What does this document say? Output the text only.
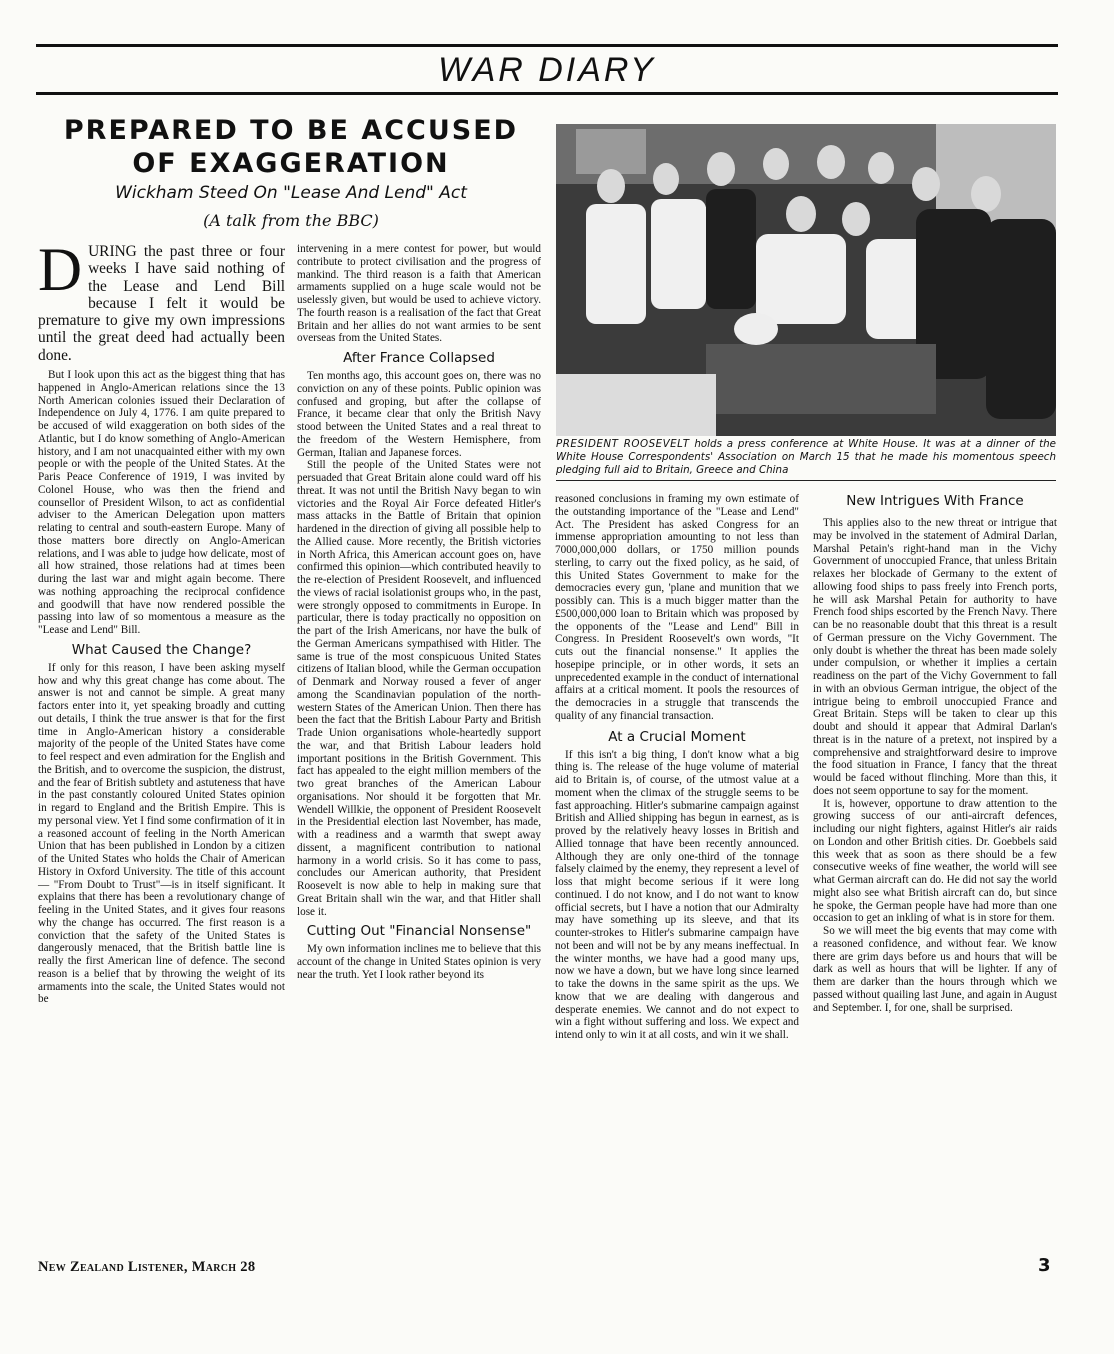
WAR DIARY
PREPARED TO BE ACCUSED
OF EXAGGERATION
Wickham Steed On "Lease And Lend" Act
(A talk from the BBC)

DURING the past three or four weeks I have said nothing of the Lease and Lend Bill because I felt it would be premature to give my own impressions until the great deed had actually been done.

But I look upon this act as the biggest thing that has happened in Anglo-American relations since the 13 North American colonies issued their Declaration of Independence on July 4, 1776. I am quite prepared to be accused of wild exaggeration on both sides of the Atlantic, but I do know something of Anglo-American history, and I am not unacquainted either with my own people or with the people of the United States. At the Paris Peace Conference of 1919, I was invited by Colonel House, who was then the friend and counsellor of President Wilson, to act as confidential adviser to the American Delegation upon matters relating to central and south-eastern Europe. Many of those matters bore directly on Anglo-American relations, and I was able to judge how delicate, most of all how strained, those relations had at times been during the last war and might again become. There was nothing approaching the reciprocal confidence and goodwill that have now rendered possible the passing into law of so momentous a measure as the "Lease and Lend" Bill.

What Caused the Change?

If only for this reason, I have been asking myself how and why this great change has come about. The answer is not and cannot be simple. A great many factors enter into it, yet speaking broadly and cutting out details, I think the true answer is that for the first time in Anglo-American history a considerable majority of the people of the United States have come to feel respect and even admiration for the English and the British, and to overcome the suspicion, the distrust, and the fear of British subtlety and astuteness that have in the past constantly coloured United States opinion in regard to England and the British Empire. This is my personal view. Yet I find some confirmation of it in a reasoned account of feeling in the North American Union that has been published in London by a citizen of the United States who holds the Chair of American History in Oxford University. The title of this account— "From Doubt to Trust"—is in itself significant. It explains that there has been a revolutionary change of feeling in the United States, and it gives four reasons why the change has occurred. The first reason is a conviction that the safety of the United States is dangerously menaced, that the British battle line is really the first American line of defence. The second reason is a belief that by throwing the weight of its armaments into the scale, the United States would not be

intervening in a mere contest for power, but would contribute to protect civilisation and the progress of mankind. The third reason is a faith that American armaments supplied on a huge scale would not be uselessly given, but would be used to achieve victory. The fourth reason is a realisation of the fact that Great Britain and her allies do not want armies to be sent overseas from the United States.

After France Collapsed

Ten months ago, this account goes on, there was no conviction on any of these points. Public opinion was confused and groping, but after the collapse of France, it became clear that only the British Navy stood between the United States and a real threat to the freedom of the Western Hemisphere, from German, Italian and Japanese forces.

Still the people of the United States were not persuaded that Great Britain alone could ward off his threat. It was not until the British Navy began to win victories and the Royal Air Force defeated Hitler's mass attacks in the Battle of Britain that opinion hardened in the direction of giving all possible help to the Allied cause. More recently, the British victories in North Africa, this American account goes on, have confirmed this opinion—which contributed heavily to the re-election of President Roosevelt, and influenced the views of racial isolationist groups who, in the past, were strongly opposed to commitments in Europe. In particular, there is today practically no opposition on the part of the Irish Americans, nor have the bulk of the German Americans sympathised with Hitler. The same is true of the most conspicuous United States citizens of Italian blood, while the German occupation of Denmark and Norway roused a fever of anger among the Scandinavian population of the north-western States of the American Union. Then there has been the fact that the British Labour Party and British Trade Union organisations whole-heartedly support the war, and that British Labour leaders hold important positions in the British Government. This fact has appealed to the eight million members of the two great branches of the American Labour organisations. Nor should it be forgotten that Mr. Wendell Willkie, the opponent of President Roosevelt in the Presidential election last November, has made, with a readiness and a warmth that swept away dissent, a magnificent contribution to national harmony in a world crisis. So it has come to pass, concludes our American authority, that President Roosevelt is now able to help in making sure that Great Britain shall win the war, and that Hitler shall lose it.

Cutting Out "Financial Nonsense"

My own information inclines me to believe that this account of the change in United States opinion is very near the truth. Yet I look rather beyond its

PRESIDENT ROOSEVELT holds a press conference at White House. It was at a dinner of the White House Correspondents' Association on March 15 that he made his momentous speech pledging full aid to Britain, Greece and China

reasoned conclusions in framing my own estimate of the outstanding importance of the "Lease and Lend" Act. The President has asked Congress for an immense appropriation amounting to not less than 7000,000,000 dollars, or 1750 million pounds sterling, to carry out the fixed policy, as he said, of this United States Government to make for the democracies every gun, 'plane and munition that we possibly can. This is a much bigger matter than the £500,000,000 loan to Britain which was proposed by the opponents of the "Lease and Lend" Bill in Congress. In President Roosevelt's own words, "It cuts out the financial nonsense." It applies the hosepipe principle, or in other words, it sets an unprecedented example in the conduct of international affairs at a critical moment. It pools the resources of the democracies in a struggle that transcends the quality of any financial transaction.

At a Crucial Moment

If this isn't a big thing, I don't know what a big thing is. The release of the huge volume of material aid to Britain is, of course, of the utmost value at a moment when the climax of the struggle seems to be fast approaching. Hitler's submarine campaign against British and Allied shipping has begun in earnest, as is proved by the relatively heavy losses in British and Allied tonnage that have been recently announced. Although they are only one-third of the tonnage falsely claimed by the enemy, they represent a level of loss that might become serious if it were long continued. I do not know, and I do not want to know official secrets, but I have a notion that our Admiralty may have something up its sleeve, and that its counter-strokes to Hitler's submarine campaign have not been and will not be by any means ineffectual. In the winter months, we have had a good many ups, now we have a down, but we have long since learned to take the downs in the same spirit as the ups. We know that we are dealing with dangerous and desperate enemies. We cannot and do not expect to win a fight without suffering and loss. We expect and intend only to win it at all costs, and win it we shall.

New Intrigues With France

This applies also to the new threat or intrigue that may be involved in the statement of Admiral Darlan, Marshal Petain's right-hand man in the Vichy Government of unoccupied France, that unless Britain relaxes her blockade of Germany to the extent of allowing food ships to pass freely into French ports, he will ask Marshal Petain for authority to have French food ships escorted by the French Navy. There can be no reasonable doubt that this threat is a result of German pressure on the Vichy Government. The only doubt is whether the threat has been made solely under compulsion, or whether it implies a certain readiness on the part of the Vichy Government to fall in with an obvious German intrigue, the object of the intrigue being to embroil unoccupied France and Great Britain. Steps will be taken to clear up this doubt and should it appear that Admiral Darlan's threat is in the nature of a pretext, not inspired by a comprehensive and straightforward desire to improve the food situation in France, I fancy that the threat would be faced without flinching. More than this, it does not seem opportune to say for the moment.

It is, however, opportune to draw attention to the growing success of our anti-aircraft defences, including our night fighters, against Hitler's air raids on London and other British cities. Dr. Goebbels said this week that as soon as there should be a few consecutive weeks of fine weather, the world will see what German aircraft can do. He did not say the world might also see what British aircraft can do, but since he spoke, the German people have had more than one occasion to get an inkling of what is in store for them.

So we will meet the big events that may come with a reasoned confidence, and without fear. We know there are grim days before us and hours that will be dark as well as hours that will be lighter. If any of them are darker than the hours through which we passed without quailing last June, and again in August and September. I, for one, shall be surprised.

New Zealand Listener, March 28	3
